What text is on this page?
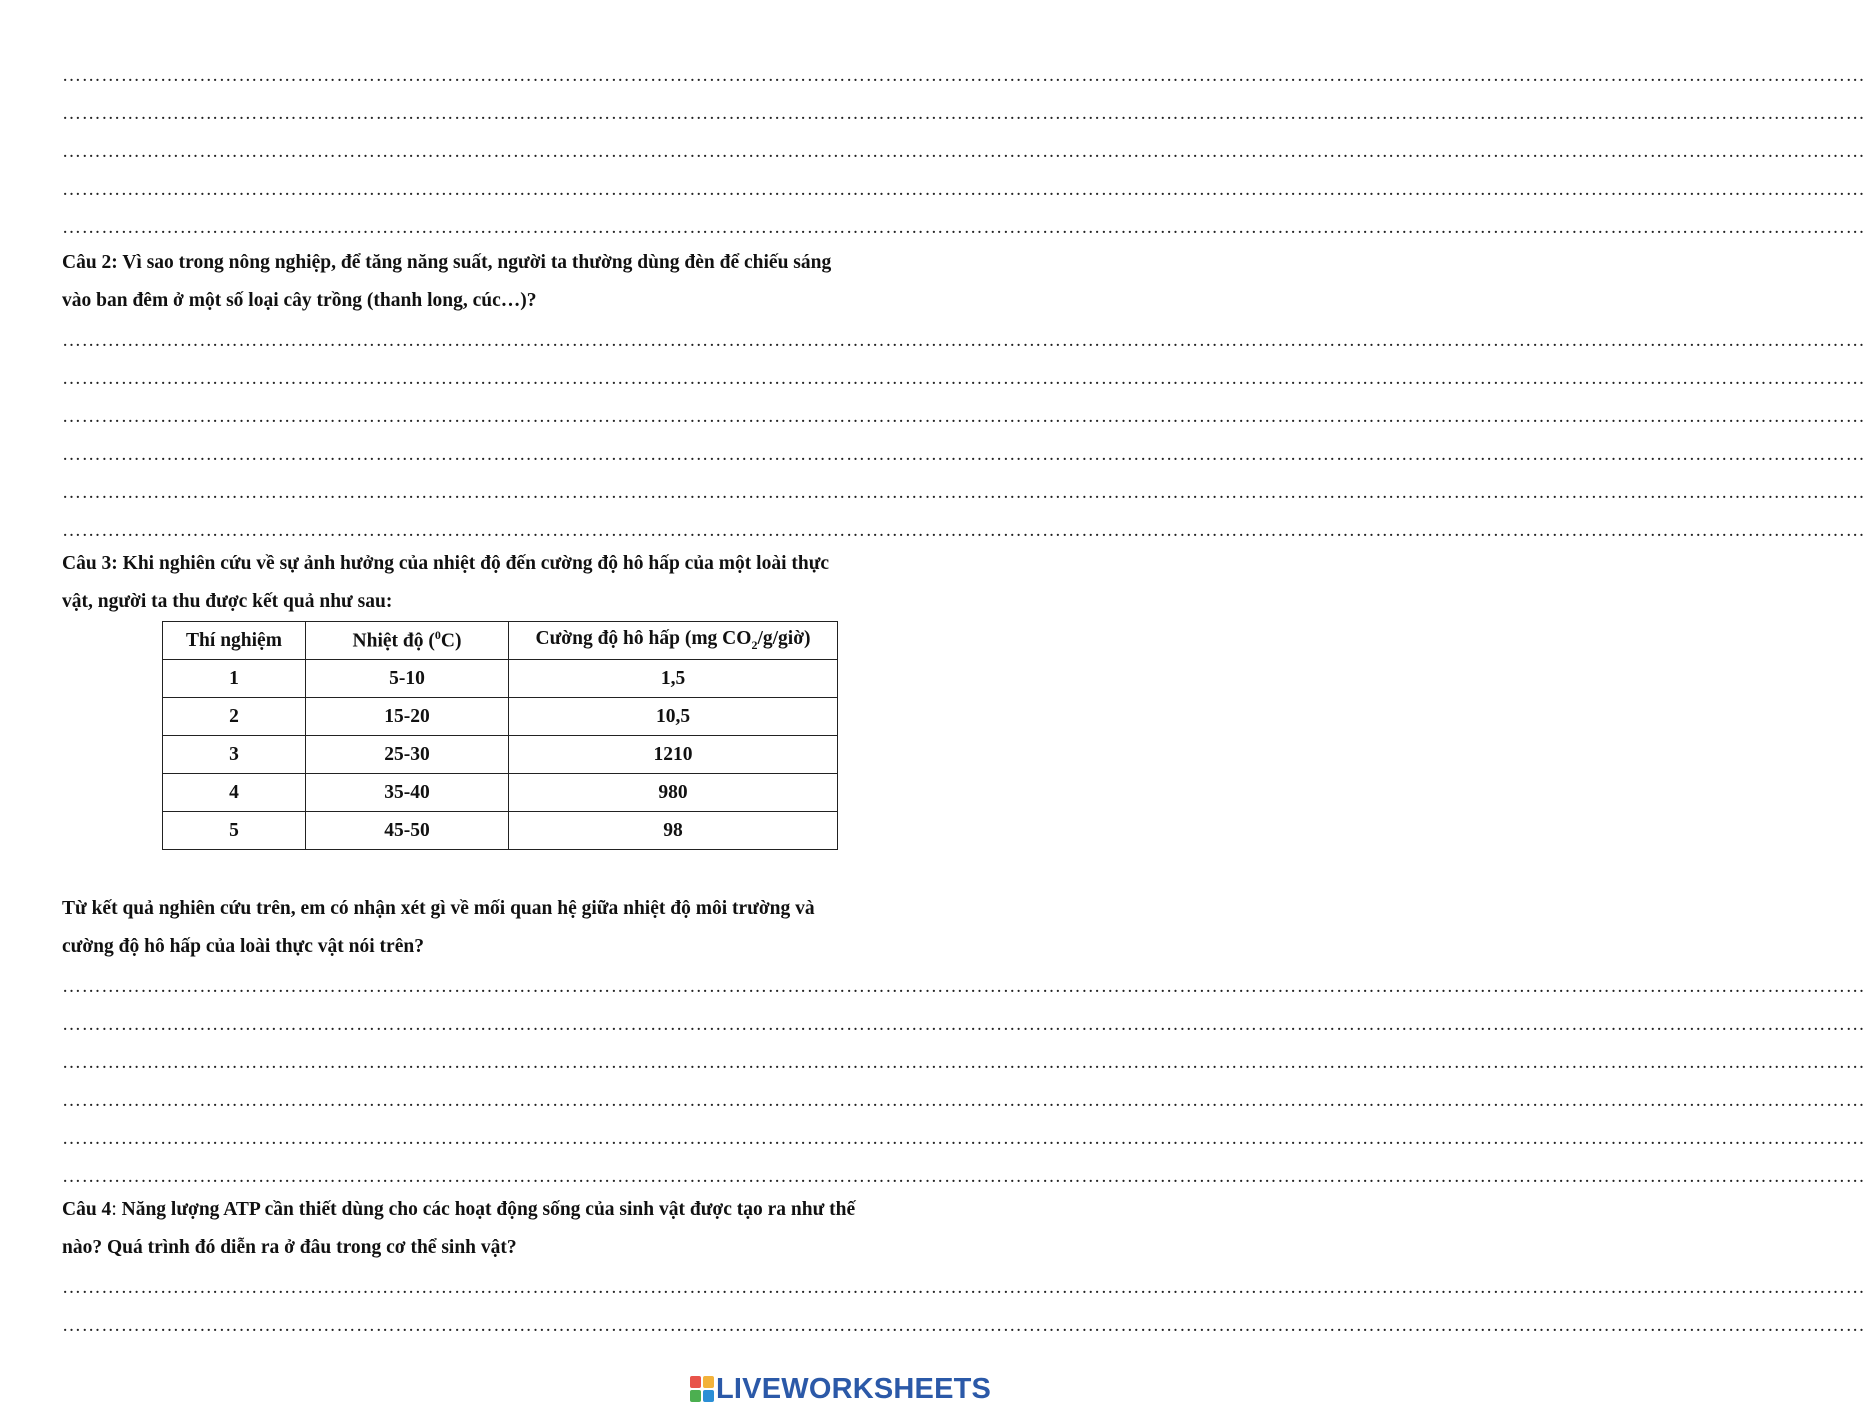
……………………………………………………………………………………………………………………………………………………………………………………………………………………………………………………
……………………………………………………………………………………………………………………………………………………………………………………………………………………………………………………
……………………………………………………………………………………………………………………………………………………………………………………………………………………………………………………
……………………………………………………………………………………………………………………………………………………………………………………………………………………………………………………
……………………………………………………………………………………………………………………………………………………………………………………………………………………………………………………
Câu 2: Vì sao trong nông nghiệp, để tăng năng suất, người ta thường dùng đèn để chiếu sáng
vào ban đêm ở một số loại cây trồng (thanh long, cúc…)?
……………………………………………………………………………………………………………………………………………………………………………………………………………………………………………………
……………………………………………………………………………………………………………………………………………………………………………………………………………………………………………………
……………………………………………………………………………………………………………………………………………………………………………………………………………………………………………………
……………………………………………………………………………………………………………………………………………………………………………………………………………………………………………………
……………………………………………………………………………………………………………………………………………………………………………………………………………………………………………………
……………………………………………………………………………………………………………………………………………………………………………………………………………………………………………………
Câu 3: Khi nghiên cứu về sự ảnh hưởng của nhiệt độ đến cường độ hô hấp của một loài thực
vật, người ta thu được kết quả như sau:
Thí nghiệm	Nhiệt độ ($^0$C)	Cường độ hô hấp (mg $CO_2/g/giờ$)
1	5-10	1,5
2	15-20	10,5
3	25-30	1210
4	35-40	980
5	45-50	98
Từ kết quả nghiên cứu trên, em có nhận xét gì về mối quan hệ giữa nhiệt độ môi trường và
cường độ hô hấp của loài thực vật nói trên?
……………………………………………………………………………………………………………………………………………………………………………………………………………………………………………………
……………………………………………………………………………………………………………………………………………………………………………………………………………………………………………………
……………………………………………………………………………………………………………………………………………………………………………………………………………………………………………………
……………………………………………………………………………………………………………………………………………………………………………………………………………………………………………………
……………………………………………………………………………………………………………………………………………………………………………………………………………………………………………………
……………………………………………………………………………………………………………………………………………………………………………………………………………………………………………………
Câu 4: Năng lượng ATP cần thiết dùng cho các hoạt động sống của sinh vật được tạo ra như thế
nào? Quá trình đó diễn ra ở đâu trong cơ thể sinh vật?
……………………………………………………………………………………………………………………………………………………………………………………………………………………………………………………
……………………………………………………………………………………………………………………………………………………………………………………………………………………………………………………
LIVEWORKSHEETS
